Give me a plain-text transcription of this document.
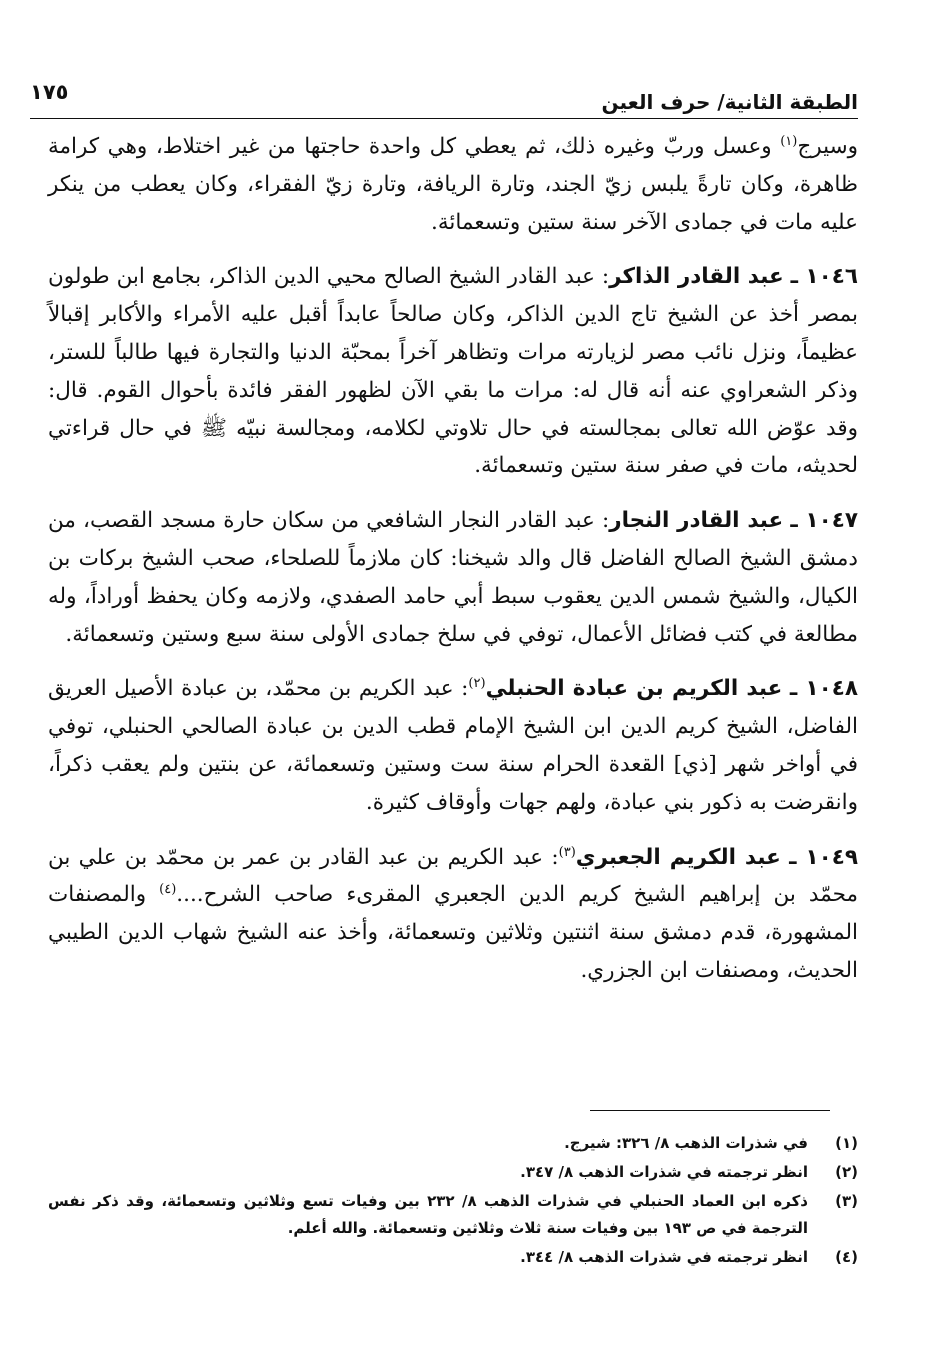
الطبقة الثانية/ حرف العين
١٧٥

وسيرج$^{(١)}$ وعسل وربّ وغيره ذلك، ثم يعطي كل واحدة حاجتها من غير اختلاط، وهي كرامة ظاهرة، وكان تارةً يلبس زيّ الجند، وتارة الريافة، وتارة زيّ الفقراء، وكان يعطب من ينكر عليه مات في جمادى الآخر سنة ستين وتسعمائة.

١٠٤٦ ـ عبد القادر الذاكر: عبد القادر الشيخ الصالح محيي الدين الذاكر، بجامع ابن طولون بمصر أخذ عن الشيخ تاج الدين الذاكر، وكان صالحاً عابداً أقبل عليه الأمراء والأكابر إقبالاً عظيماً، ونزل نائب مصر لزيارته مرات وتظاهر آخراً بمحبّة الدنيا والتجارة فيها طالباً للستر، وذكر الشعراوي عنه أنه قال له: مرات ما بقي الآن لظهور الفقر فائدة بأحوال القوم. قال: وقد عوّض الله تعالى بمجالسته في حال تلاوتي لكلامه، ومجالسة نبيّه ﷺ في حال قراءتي لحديثه، مات في صفر سنة ستين وتسعمائة.

١٠٤٧ ـ عبد القادر النجار: عبد القادر النجار الشافعي من سكان حارة مسجد القصب، من دمشق الشيخ الصالح الفاضل قال والد شيخنا: كان ملازماً للصلحاء، صحب الشيخ بركات بن الكيال، والشيخ شمس الدين يعقوب سبط أبي حامد الصفدي، ولازمه وكان يحفظ أوراداً، وله مطالعة في كتب فضائل الأعمال، توفي في سلخ جمادى الأولى سنة سبع وستين وتسعمائة.

١٠٤٨ ـ عبد الكريم بن عبادة الحنبلي$^{(٢)}$: عبد الكريم بن محمّد، بن عبادة الأصيل العريق الفاضل، الشيخ كريم الدين ابن الشيخ الإمام قطب الدين بن عبادة الصالحي الحنبلي، توفي في أواخر شهر [ذي] القعدة الحرام سنة ست وستين وتسعمائة، عن بنتين ولم يعقب ذكراً، وانقرضت به ذكور بني عبادة، ولهم جهات وأوقاف كثيرة.

١٠٤٩ ـ عبد الكريم الجعبري$^{(٣)}$: عبد الكريم بن عبد القادر بن عمر بن محمّد بن علي بن محمّد بن إبراهيم الشيخ كريم الدين الجعبري المقرىء صاحب الشرح....$^{(٤)}$ والمصنفات المشهورة، قدم دمشق سنة اثنتين وثلاثين وتسعمائة، وأخذ عنه الشيخ شهاب الدين الطيبي الحديث، ومصنفات ابن الجزري.

(١)
في شذرات الذهب ٨/ ٣٢٦: شيرج.
(٢)
انظر ترجمته في شذرات الذهب ٨/ ٣٤٧.
(٣)
ذكره ابن العماد الحنبلي في شذرات الذهب ٨/ ٢٣٢ بين وفيات تسع وثلاثين وتسعمائة، وقد ذكر نفس الترجمة في ص ١٩٣ بين وفيات سنة ثلاث وثلاثين وتسعمائة. والله أعلم.
(٤)
انظر ترجمته في شذرات الذهب ٨/ ٣٤٤.
